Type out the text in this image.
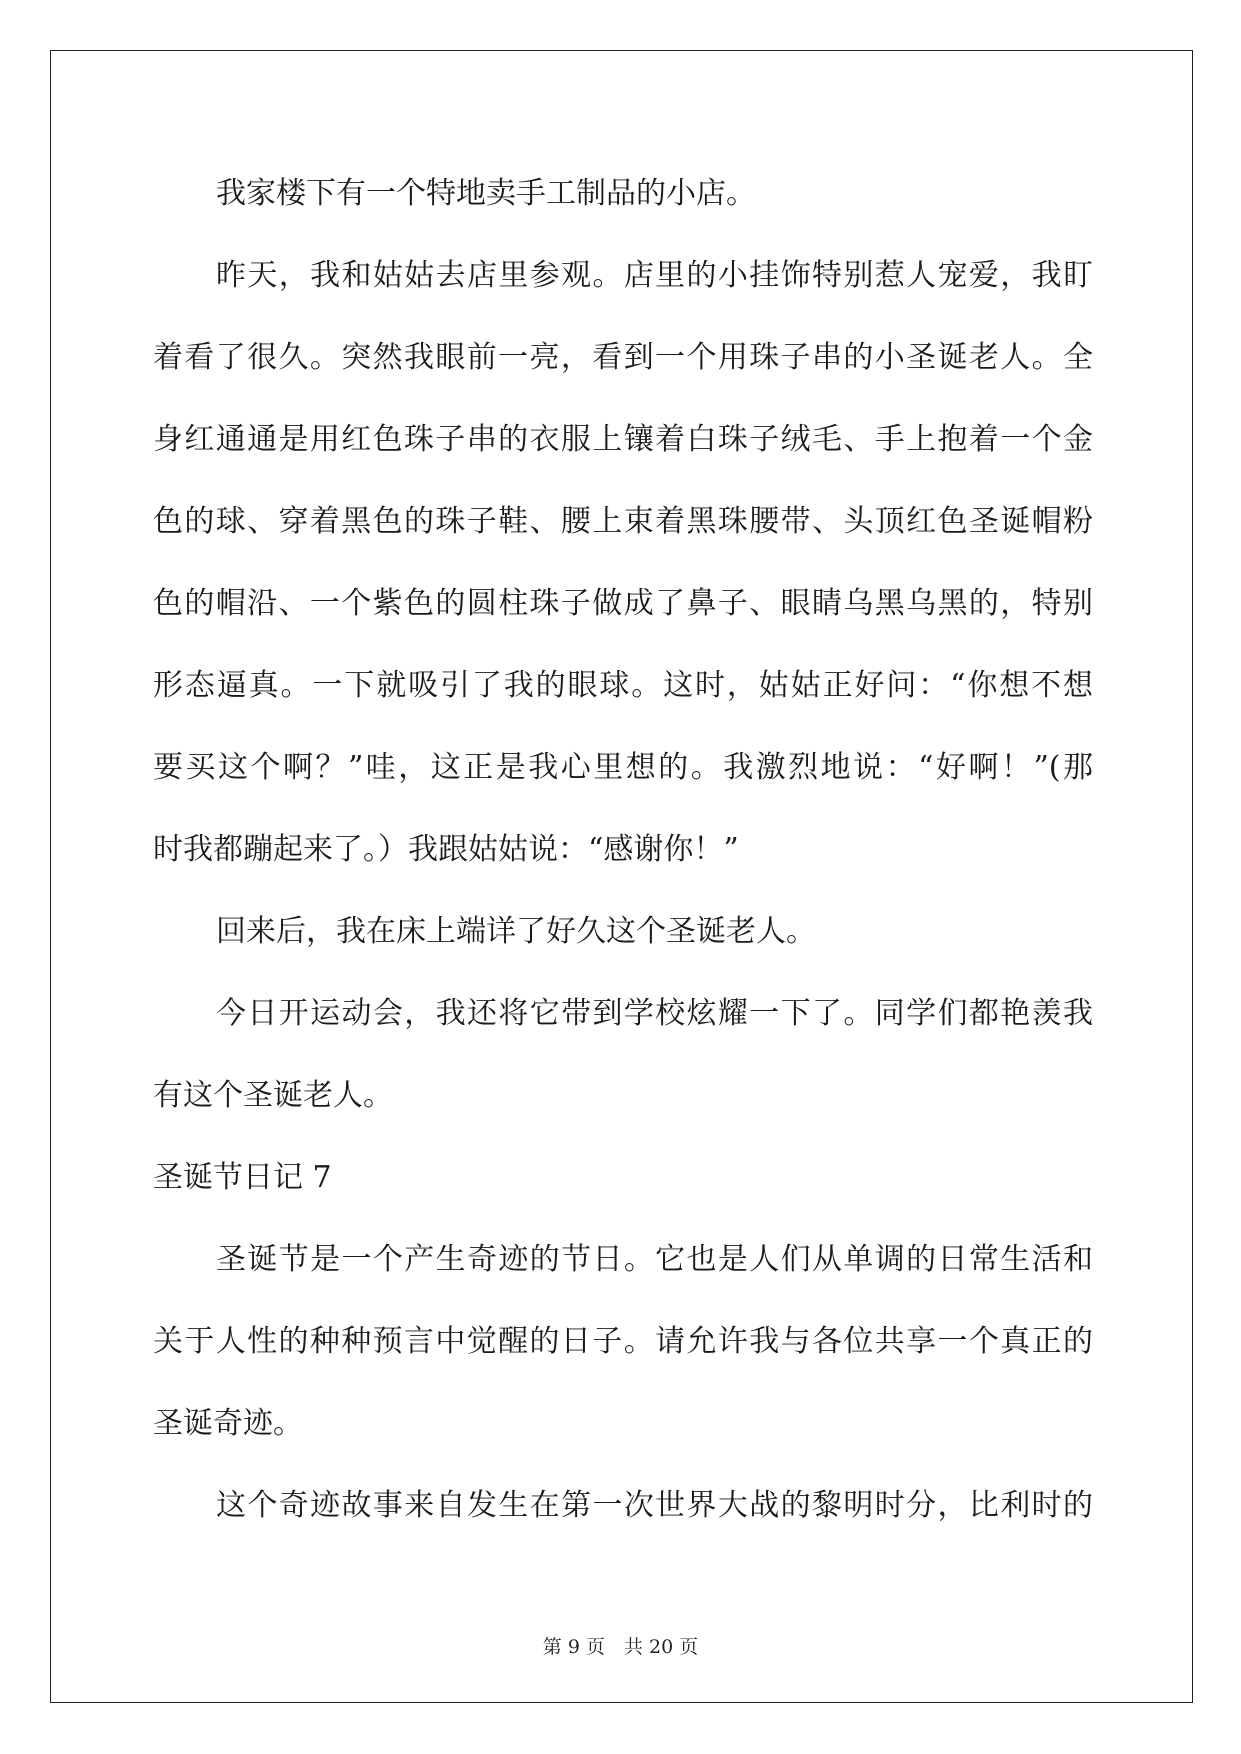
我家楼下有一个特地卖手工制品的小店。
昨天，我和姑姑去店里参观。店里的小挂饰特别惹人宠爱，我盯
着看了很久。突然我眼前一亮，看到一个用珠子串的小圣诞老人。全
身红通通是用红色珠子串的衣服上镶着白珠子绒毛、手上抱着一个金
色的球、穿着黑色的珠子鞋、腰上束着黑珠腰带、头顶红色圣诞帽粉
色的帽沿、一个紫色的圆柱珠子做成了鼻子、眼睛乌黑乌黑的，特别
形态逼真。一下就吸引了我的眼球。这时，姑姑正好问：“你想不想
要买这个啊？”哇，这正是我心里想的。我激烈地说：“好啊！”(那
时我都蹦起来了。）我跟姑姑说：“感谢你！”
回来后，我在床上端详了好久这个圣诞老人。
今日开运动会，我还将它带到学校炫耀一下了。同学们都艳羡我
有这个圣诞老人。
圣诞节日记 7
圣诞节是一个产生奇迹的节日。它也是人们从单调的日常生活和
关于人性的种种预言中觉醒的日子。请允许我与各位共享一个真正的
圣诞奇迹。
这个奇迹故事来自发生在第一次世界大战的黎明时分，比利时的
第 9 页　共 20 页
